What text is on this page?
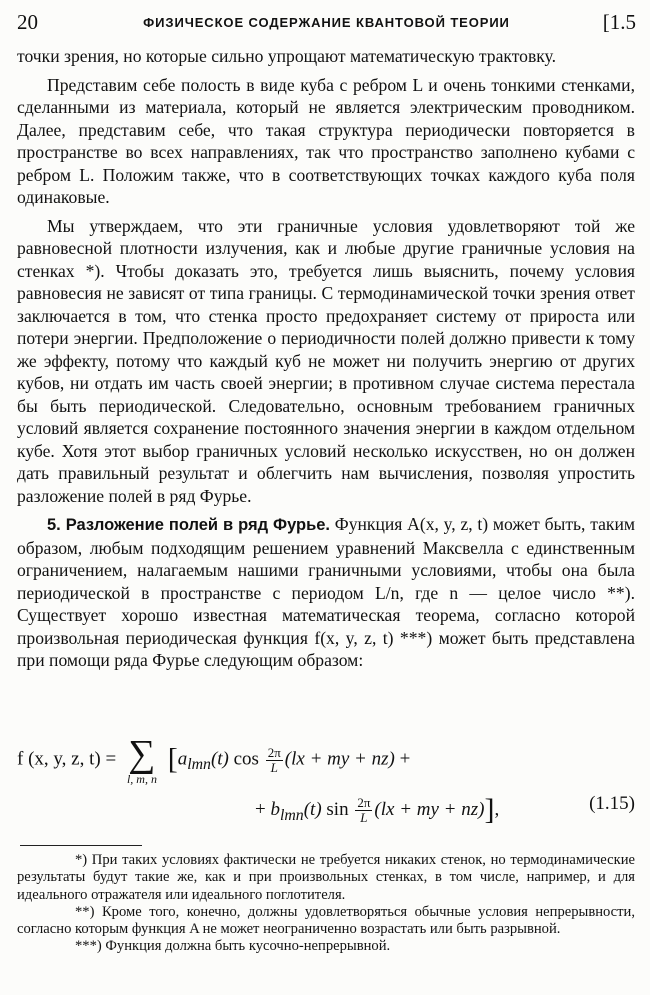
20	ФИЗИЧЕСКОЕ СОДЕРЖАНИЕ КВАНТОВОЙ ТЕОРИИ	[1.5

точки зрения, но которые сильно упрощают математическую трактовку.

Представим себе полость в виде куба с ребром L и очень тонкими стенками, сделанными из материала, который не является электрическим проводником. Далее, представим себе, что такая структура периодически повторяется в пространстве во всех направлениях, так что пространство заполнено кубами с ребром L. Положим также, что в соответствующих точках каждого куба поля одинаковые.

Мы утверждаем, что эти граничные условия удовлетворяют той же равновесной плотности излучения, как и любые другие граничные условия на стенках *). Чтобы доказать это, требуется лишь выяснить, почему условия равновесия не зависят от типа границы. С термодинамической точки зрения ответ заключается в том, что стенка просто предохраняет систему от прироста или потери энергии. Предположение о периодичности полей должно привести к тому же эффекту, потому что каждый куб не может ни получить энергию от других кубов, ни отдать им часть своей энергии; в противном случае система перестала бы быть периодической. Следовательно, основным требованием граничных условий является сохранение постоянного значения энергии в каждом отдельном кубе. Хотя этот выбор граничных условий несколько искусствен, но он должен дать правильный результат и облегчить нам вычисления, позволяя упростить разложение полей в ряд Фурье.

5. Разложение полей в ряд Фурье. Функция A(x, y, z, t) может быть, таким образом, любым подходящим решением уравнений Максвелла с единственным ограничением, налагаемым нашими граничными условиями, чтобы она была периодической в пространстве с периодом L/n, где n — целое число **). Существует хорошо известная математическая теорема, согласно которой произвольная периодическая функция f(x, y, z, t) ***) может быть представлена при помощи ряда Фурье следующим образом:

f (x, y, z, t) = ∑
l, m, n
[$a_{lmn}(t)$ $\cos \frac{2\pi}{L} (lx$ + my + nz) +
+ $b_{lmn}(t)$ $\sin \frac{2\pi}{L} (lx$ + my + nz)],	(1.15)

*) При таких условиях фактически не требуется никаких стенок, но термодинамические результаты будут такие же, как и при произвольных стенках, в том числе, например, и для идеального отражателя или идеального поглотителя.

**) Кроме того, конечно, должны удовлетворяться обычные условия непрерывности, согласно которым функция A не может неограниченно возрастать или быть разрывной.

***) Функция должна быть кусочно-непрерывной.
